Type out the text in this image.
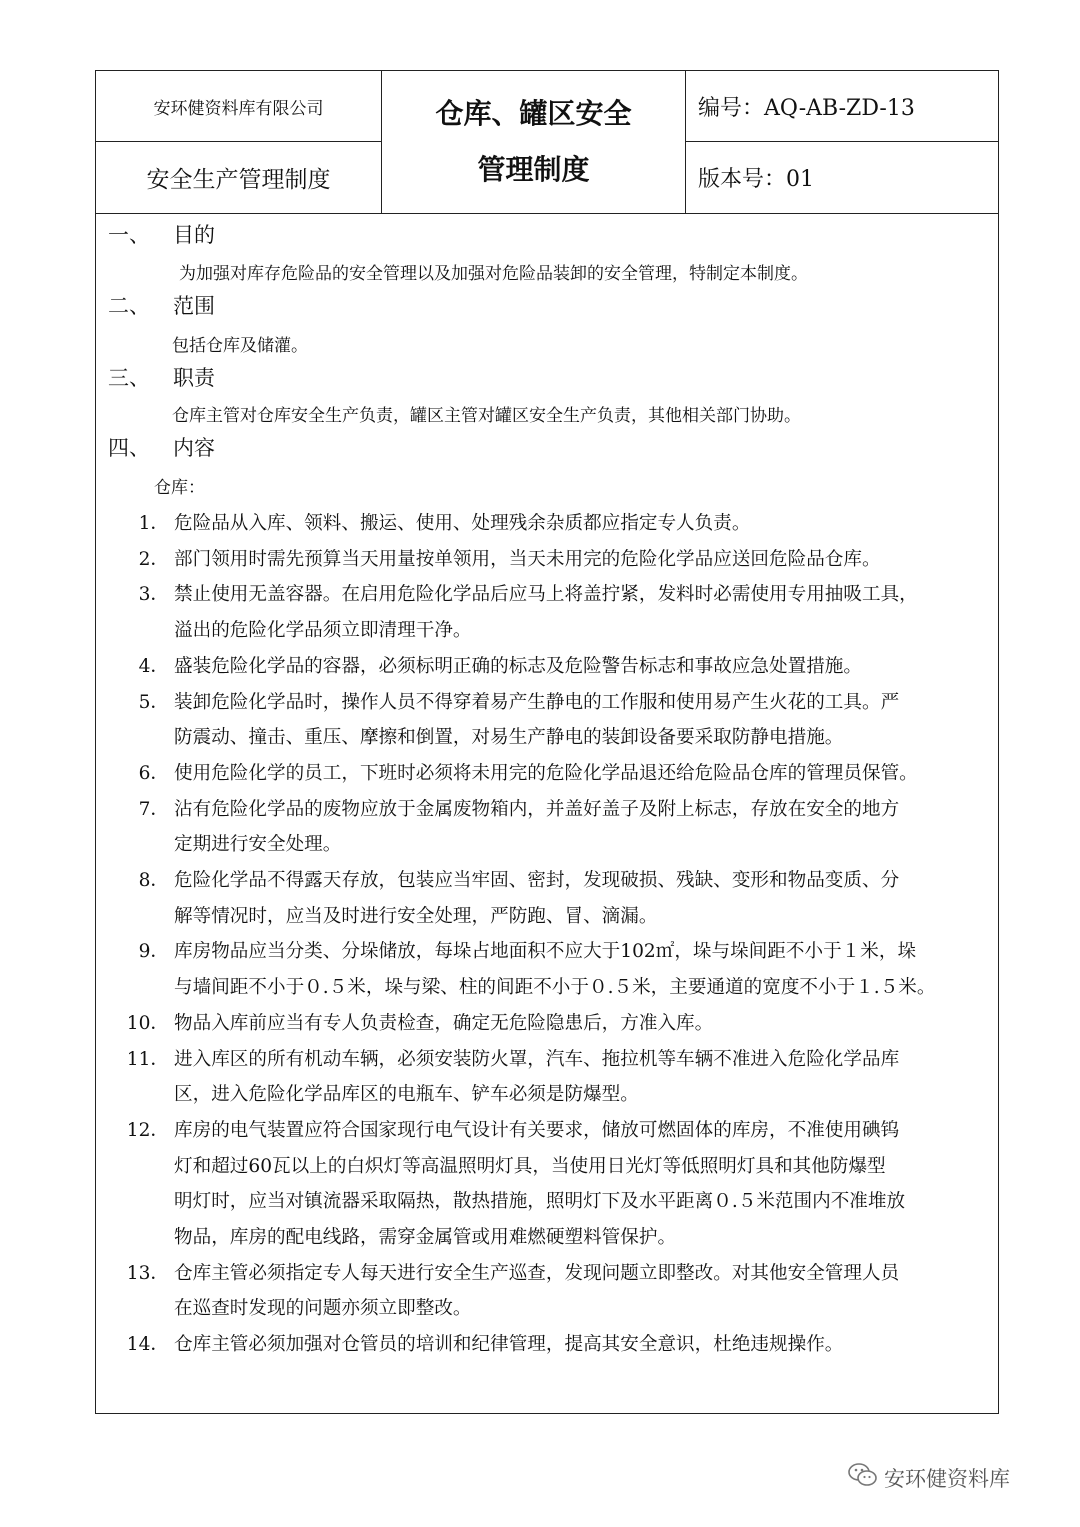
安环健资料库有限公司
安全生产管理制度
仓库、罐区安全
管理制度
编号：AQ-AB-ZD-13
版本号：01
一、 目的
为加强对库存危险品的安全管理以及加强对危险品装卸的安全管理，特制定本制度。
二、 范围
包括仓库及储灌。
三、 职责
仓库主管对仓库安全生产负责，罐区主管对罐区安全生产负责，其他相关部门协助。
四、 内容
仓库：
1． 危险品从入库、领料、搬运、使用、处理残余杂质都应指定专人负责。
2． 部门领用时需先预算当天用量按单领用，当天未用完的危险化学品应送回危险品仓库。
3． 禁止使用无盖容器。在启用危险化学品后应马上将盖拧紧，发料时必需使用专用抽吸工具，
溢出的危险化学品须立即清理干净。
4． 盛装危险化学品的容器，必须标明正确的标志及危险警告标志和事故应急处置措施。
5． 装卸危险化学品时，操作人员不得穿着易产生静电的工作服和使用易产生火花的工具。严
防震动、撞击、重压、摩擦和倒置，对易生产静电的装卸设备要采取防静电措施。
6． 使用危险化学的员工，下班时必须将未用完的危险化学品退还给危险品仓库的管理员保管。
7． 沾有危险化学品的废物应放于金属废物箱内，并盖好盖子及附上标志，存放在安全的地方
定期进行安全处理。
8． 危险化学品不得露天存放，包装应当牢固、密封，发现破损、残缺、变形和物品变质、分
解等情况时，应当及时进行安全处理，严防跑、冒、滴漏。
9． 库房物品应当分类、分垛储放，每垛占地面积不应大于102㎡，垛与垛间距不小于１米，垛
与墙间距不小于０.５米，垛与梁、柱的间距不小于０.５米，主要通道的宽度不小于１.５米。
10． 物品入库前应当有专人负责检查，确定无危险隐患后，方准入库。
11． 进入库区的所有机动车辆，必须安装防火罩，汽车、拖拉机等车辆不准进入危险化学品库
区，进入危险化学品库区的电瓶车、铲车必须是防爆型。
12． 库房的电气装置应符合国家现行电气设计有关要求，储放可燃固体的库房，不准使用碘钨
灯和超过60瓦以上的白炽灯等高温照明灯具，当使用日光灯等低照明灯具和其他防爆型
明灯时，应当对镇流器采取隔热，散热措施，照明灯下及水平距离０.５米范围内不准堆放
物品，库房的配电线路，需穿金属管或用难燃硬塑料管保护。
13． 仓库主管必须指定专人每天进行安全生产巡查，发现问题立即整改。对其他安全管理人员
在巡查时发现的问题亦须立即整改。
14． 仓库主管必须加强对仓管员的培训和纪律管理，提高其安全意识，杜绝违规操作。
安环健资料库
